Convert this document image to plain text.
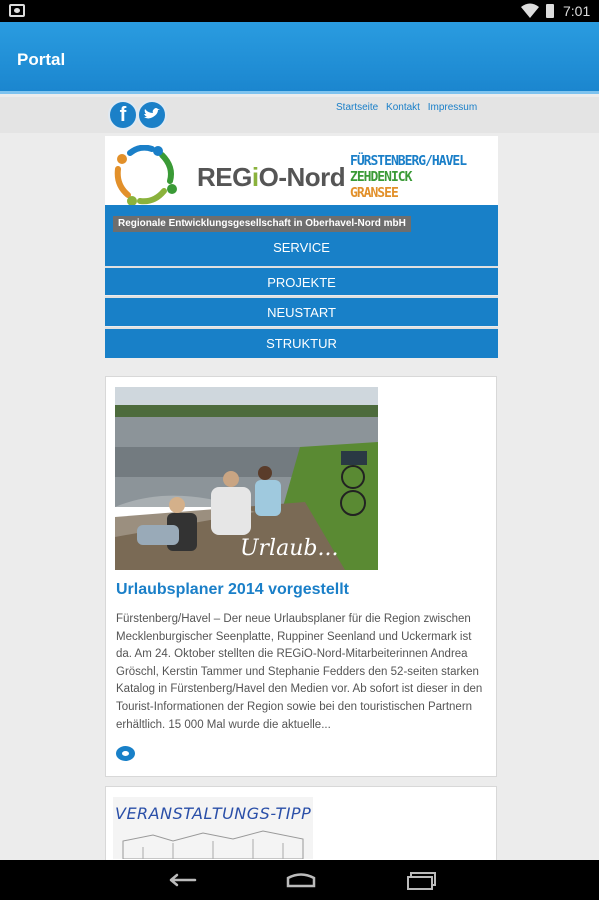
7:01
Portal
f	Startseite Kontakt Impressum
REGiO-Nord
FÜRSTENBERG/HAVEL
ZEHDENICK
GRANSEE
SERVICE
PROJEKTE
NEUSTART
STRUKTUR
Regionale Entwicklungsgesellschaft in Oberhavel-Nord mbH
Urlaub...
Urlaubsplaner 2014 vorgestellt
Fürstenberg/Havel – Der neue Urlaubsplaner für die Region zwischen Mecklenburgischer Seenplatte, Ruppiner Seenland und Uckermark ist da. Am 24. Oktober stellten die REGiO-Nord-Mitarbeiterinnen Andrea Gröschl, Kerstin Tammer und Stephanie Fedders den 52-seiten starken Katalog in Fürstenberg/Havel den Medien vor. Ab sofort ist dieser in den Tourist-Informationen der Region sowie bei den touristischen Partnern erhältlich. 15 000 Mal wurde die aktuelle...
VERANSTALTUNGS-TIPP
